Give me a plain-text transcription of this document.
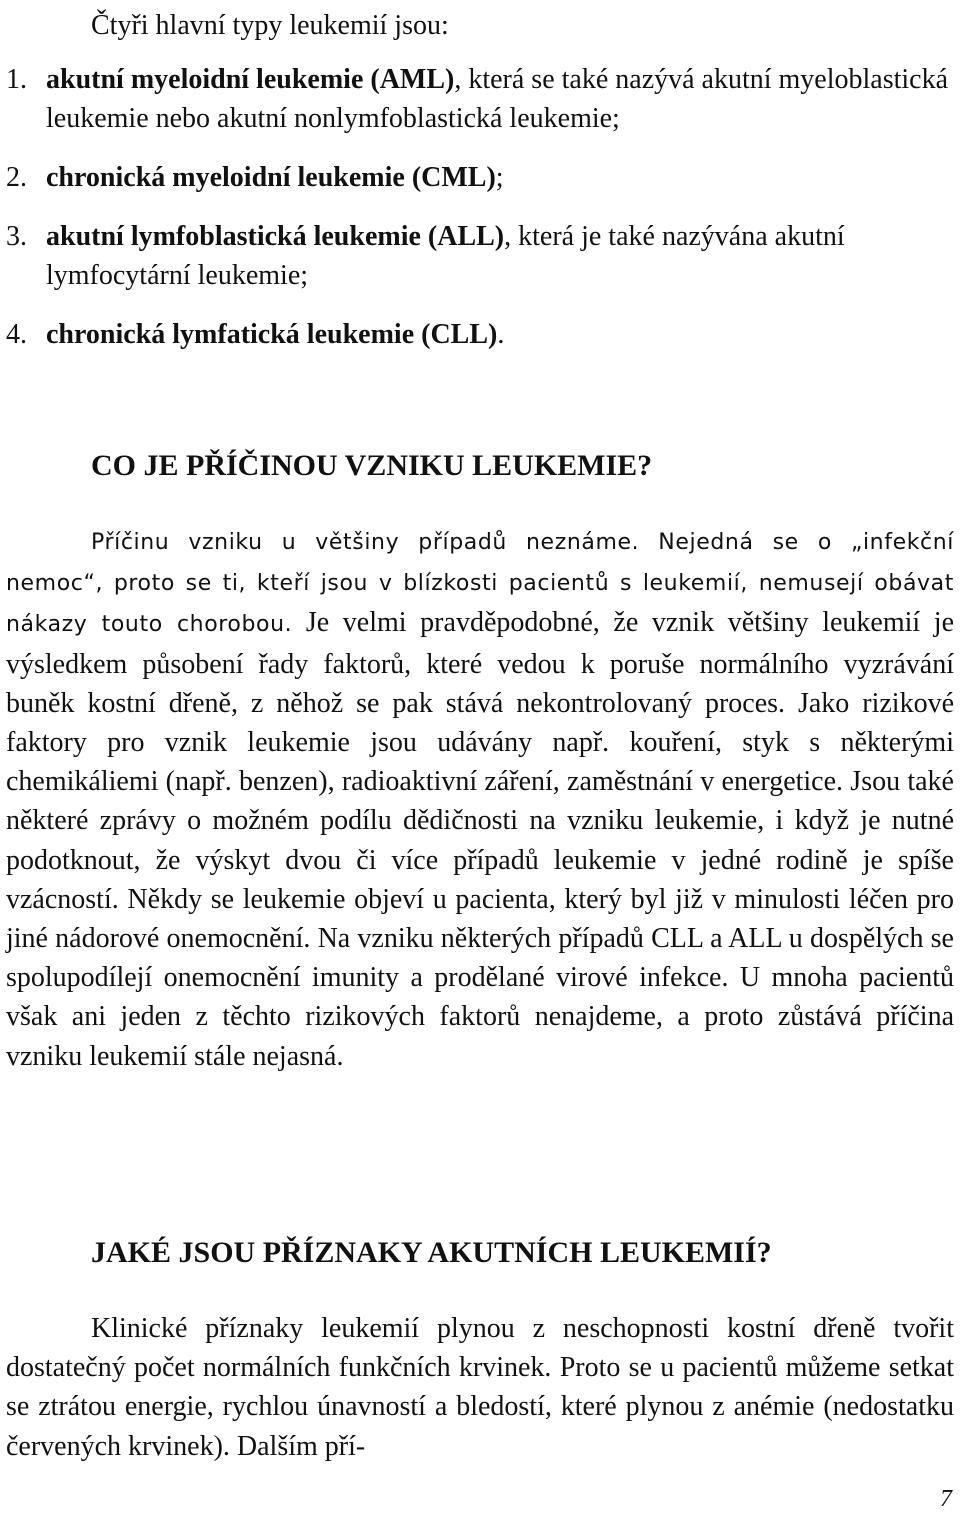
Čtyři hlavní typy leukemií jsou:

1. akutní myeloidní leukemie (AML), která se také nazývá akutní myeloblastická leukemie nebo akutní nonlymfoblastická leukemie;
2. chronická myeloidní leukemie (CML);
3. akutní lymfoblastická leukemie (ALL), která je také nazývána akutní lymfocytární leukemie;
4. chronická lymfatická leukemie (CLL).
CO JE PŘÍČINOU VZNIKU LEUKEMIE?

Příčinu vzniku u většiny případů neznáme. Nejedná se o „infekční nemoc“, proto se ti, kteří jsou v blízkosti pacientů s leukemií, nemusejí obávat nákazy touto chorobou. Je velmi pravděpodobné, že vznik většiny leukemií je výsledkem působení řady faktorů, které vedou k poruše normálního vyzrávání buněk kostní dřeně, z něhož se pak stává nekontrolovaný proces. Jako rizikové faktory pro vznik leukemie jsou udávány např. kouření, styk s některými chemikáliemi (např. benzen), radioaktivní záření, zaměstnání v energetice. Jsou také některé zprávy o možném podílu dědičnosti na vzniku leukemie, i když je nutné podotknout, že výskyt dvou či více případů leukemie v jedné rodině je spíše vzácností. Někdy se leukemie objeví u pacienta, který byl již v minulosti léčen pro jiné nádorové onemocnění. Na vzniku některých případů CLL a ALL u dospělých se spolupodílejí onemocnění imunity a prodělané virové infekce. U mnoha pacientů však ani jeden z těchto rizikových faktorů nenajdeme, a proto zůstává příčina vzniku leukemií stále nejasná.

JAKÉ JSOU PŘÍZNAKY AKUTNÍCH LEUKEMIÍ?

Klinické příznaky leukemií plynou z neschopnosti kostní dřeně tvořit dostatečný počet normálních funkčních krvinek. Proto se u pacientů můžeme setkat se ztrátou energie, rychlou únavností a bledostí, které plynou z anémie (nedostatku červených krvinek). Dalším pří-

7
